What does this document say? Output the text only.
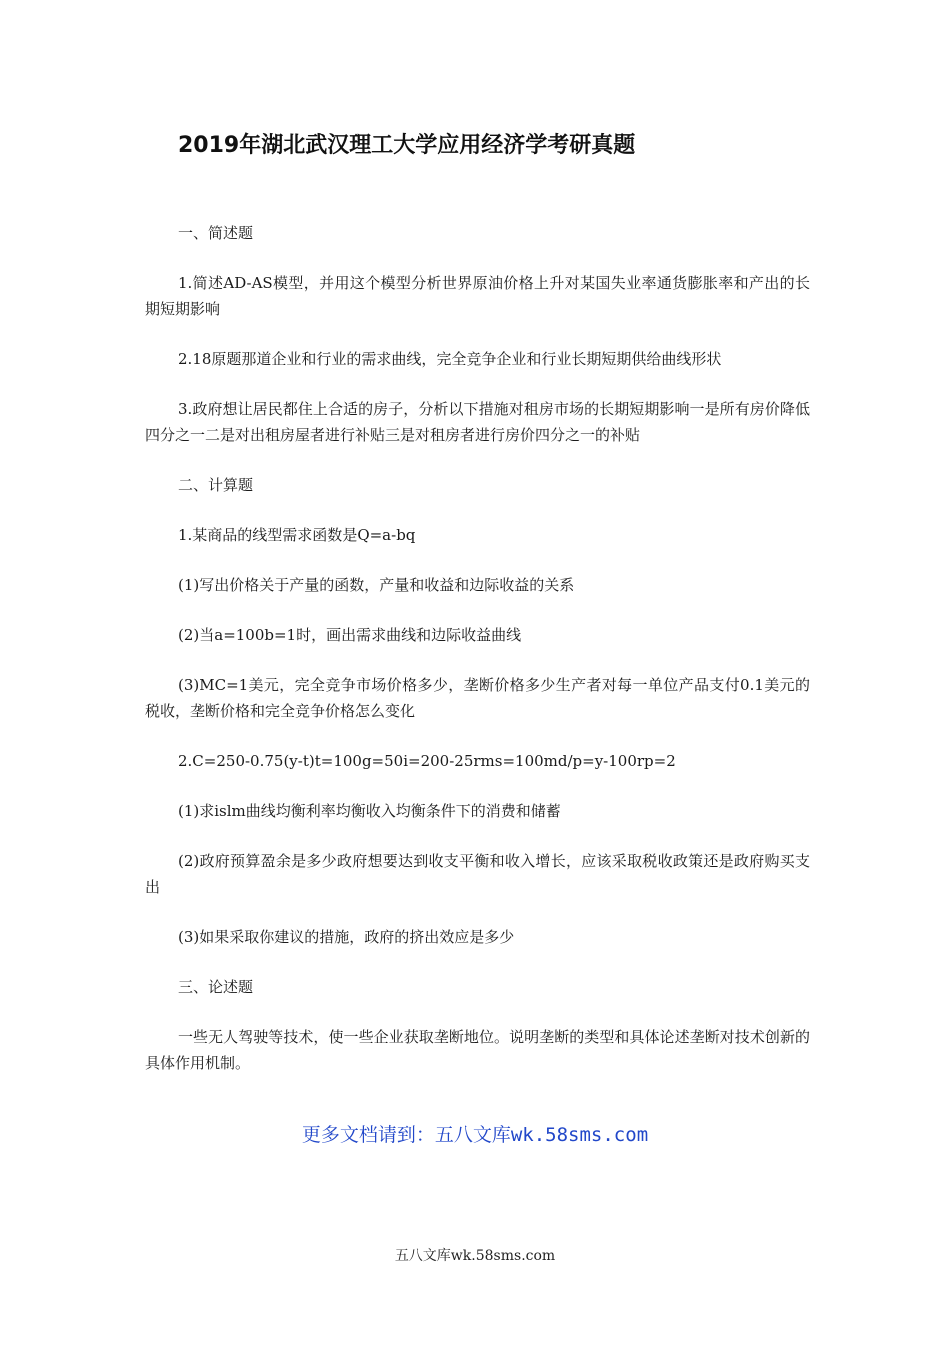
2019年湖北武汉理工大学应用经济学考研真题

一、简述题

1.简述AD-AS模型，并用这个模型分析世界原油价格上升对某国失业率通货膨胀率和产出的长期短期影响

2.18原题那道企业和行业的需求曲线，完全竞争企业和行业长期短期供给曲线形状

3.政府想让居民都住上合适的房子，分析以下措施对租房市场的长期短期影响一是所有房价降低四分之一二是对出租房屋者进行补贴三是对租房者进行房价四分之一的补贴

二、计算题

1.某商品的线型需求函数是Q=a-bq

(1)写出价格关于产量的函数，产量和收益和边际收益的关系

(2)当a=100b=1时，画出需求曲线和边际收益曲线

(3)MC=1美元，完全竞争市场价格多少，垄断价格多少生产者对每一单位产品支付0.1美元的税收，垄断价格和完全竞争价格怎么变化

2.C=250-0.75(y-t)t=100g=50i=200-25rms=100md/p=y-100rp=2

(1)求islm曲线均衡利率均衡收入均衡条件下的消费和储蓄

(2)政府预算盈余是多少政府想要达到收支平衡和收入增长，应该采取税收政策还是政府购买支出

(3)如果采取你建议的措施，政府的挤出效应是多少

三、论述题

一些无人驾驶等技术，使一些企业获取垄断地位。说明垄断的类型和具体论述垄断对技术创新的具体作用机制。

更多文档请到：五八文库wk.58sms.com
五八文库wk.58sms.com
